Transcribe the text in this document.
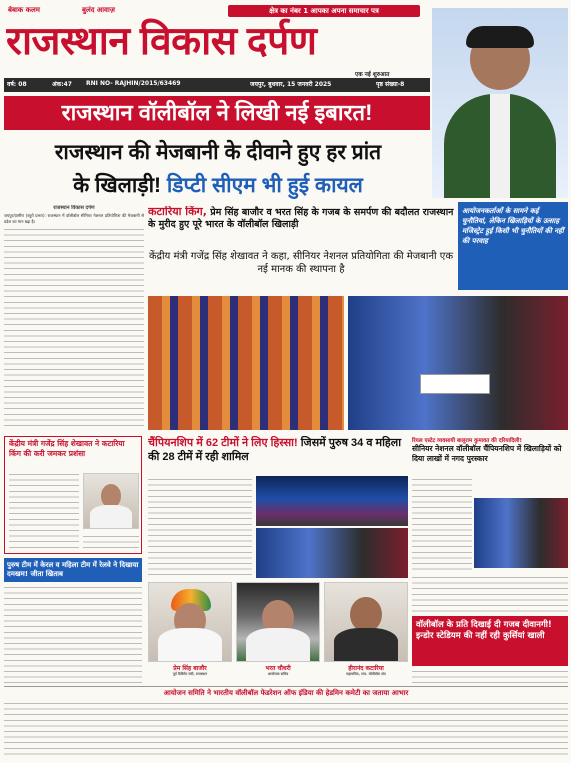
बेबाक कलम	बुलंद आवाज़	क्षेत्र का नंबर 1 आपका अपना समाचार पत्र
राजस्थान विकास दर्पण
एक नई शुरुआत
वर्ष: 08	अंक:47 RNI NO- RAJHIN/2015/63469	जयपुर, बुधवार, 15 जनवरी 2025	पृष्ठ संख्या-8
राजस्थान वॉलीबॉल ने लिखी नई इबारत!
राजस्थान की मेजबानी के दीवाने हुए हर प्रांत
के खिलाड़ी! डिप्टी सीएम भी हुई कायल
राजस्थान विकास दर्पण
जयपुर/ग्रामीण (ब्यूरो प्रभार): राजस्थान में वॉलीबॉल सीनियर नेशनल प्रतियोगिता की मेजबानी से प्रदेश का मान बढ़ा है।
कटारिया किंग, प्रेम सिंह बाजौर व भरत सिंह के गजब के समर्पण की बदौलत राजस्थान के मुरीद हुए पूरे भारत के वॉलीबॉल खिलाड़ी
केंद्रीय मंत्री गजेंद्र सिंह शेखावत ने कहा, सीनियर नेशनल प्रतियोगिता की मेजबानी एक नई मानक की स्थापना है
आयोजनकर्ताओं के सामने कई चुनौतियां, लेकिन खिलाड़ियों के उत्साह मजिस्ट्रेट हुई किसी भी चुनौतियों की नहीं की परवाह
केंद्रीय मंत्री गजेंद्र सिंह शेखावत ने कटारिया किंग की करी जमकर प्रशंसा
चैंपियनशिप में 62 टीमों ने लिए हिस्सा! जिसमें पुरुष 34 व महिला की 28 टीमें में रही शामिल
रियल एस्टेट व्यवसायी बालूराम कुमावत की दरियादिली!
सीनियर नेशनल वॉलीबॉल चैंपियनशिप में खिलाड़ियों को दिया लाखों में नगद पुरस्कार
पुरुष टीम में केरल व महिला टीम में रेलवे ने दिखाया दमखम! जीता खिताब
प्रेम सिंह बाजौर
पूर्व कैबिनेट मंत्री, राजस्थान
भरत चौधरी
आयोजक सचिव
हीरानंद कटारिया
महासचिव, राज. वॉलीबॉल संघ
वॉलीबॉल के प्रति दिखाई दी गजब दीवानगी! इन्डोर स्टेडियम की नहीं रही कुर्सियां खाली
आयोजन समिति ने भारतीय वॉलीबॉल फेडरेशन ऑफ इंडिया की हेडमिन कमेटी का जताया आभार
